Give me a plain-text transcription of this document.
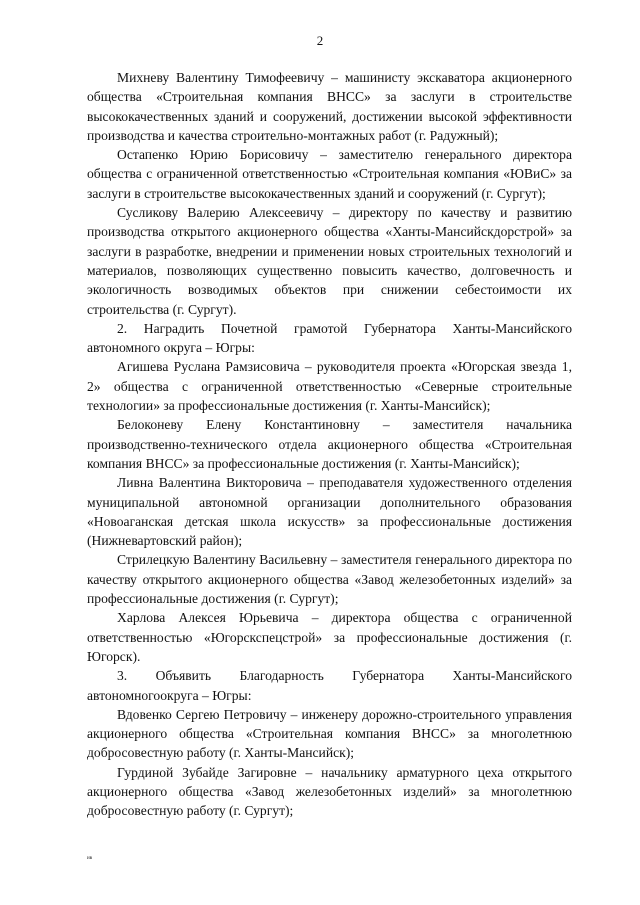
2

Михневу Валентину Тимофеевичу – машинисту экскаватора акционерного общества «Строительная компания ВНСС» за заслуги в строительстве высококачественных зданий и сооружений, достижении высокой эффективности производства и качества строительно-монтажных работ (г. Радужный);

Остапенко Юрию Борисовичу – заместителю генерального директора общества с ограниченной ответственностью «Строительная компания «ЮВиС» за заслуги в строительстве высококачественных зданий и сооружений (г. Сургут);

Сусликову Валерию Алексеевичу – директору по качеству и развитию производства открытого акционерного общества «Ханты-Мансийскдорстрой» за заслуги в разработке, внедрении и применении новых строительных технологий и материалов, позволяющих существенно повысить качество, долговечность и экологичность возводимых объектов при снижении себестоимости их строительства (г. Сургут).

2. Наградить Почетной грамотой Губернатора Ханты-Мансийского автономного округа – Югры:

Агишева Руслана Рамзисовича – руководителя проекта «Югорская звезда 1, 2» общества с ограниченной ответственностью «Северные строительные технологии» за профессиональные достижения (г. Ханты-Мансийск);

Белоконеву Елену Константиновну – заместителя начальника производственно-технического отдела акционерного общества «Строительная компания ВНСС» за профессиональные достижения (г. Ханты-Мансийск);

Ливна Валентина Викторовича – преподавателя художественного отделения муниципальной автономной организации дополнительного образования «Новоаганская детская школа искусств» за профессиональные достижения (Нижневартовский район);

Стрилецкую Валентину Васильевну – заместителя генерального директора по качеству открытого акционерного общества «Завод железобетонных изделий» за профессиональные достижения (г. Сургут);

Харлова Алексея Юрьевича – директора общества с ограниченной ответственностью «Югорскспецстрой» за профессиональные достижения (г. Югорск).

3. Объявить Благодарность Губернатора Ханты-Мансийского автономногоокруга – Югры:

Вдовенко Сергею Петровичу – инженеру дорожно-строительного управления акционерного общества «Строительная компания ВНСС» за многолетнюю добросовестную работу (г. Ханты-Мансийск);

Гурдиной Зубайде Загировне – начальнику арматурного цеха открытого акционерного общества «Завод железобетонных изделий» за многолетнюю добросовестную работу (г. Сургут);

ив
